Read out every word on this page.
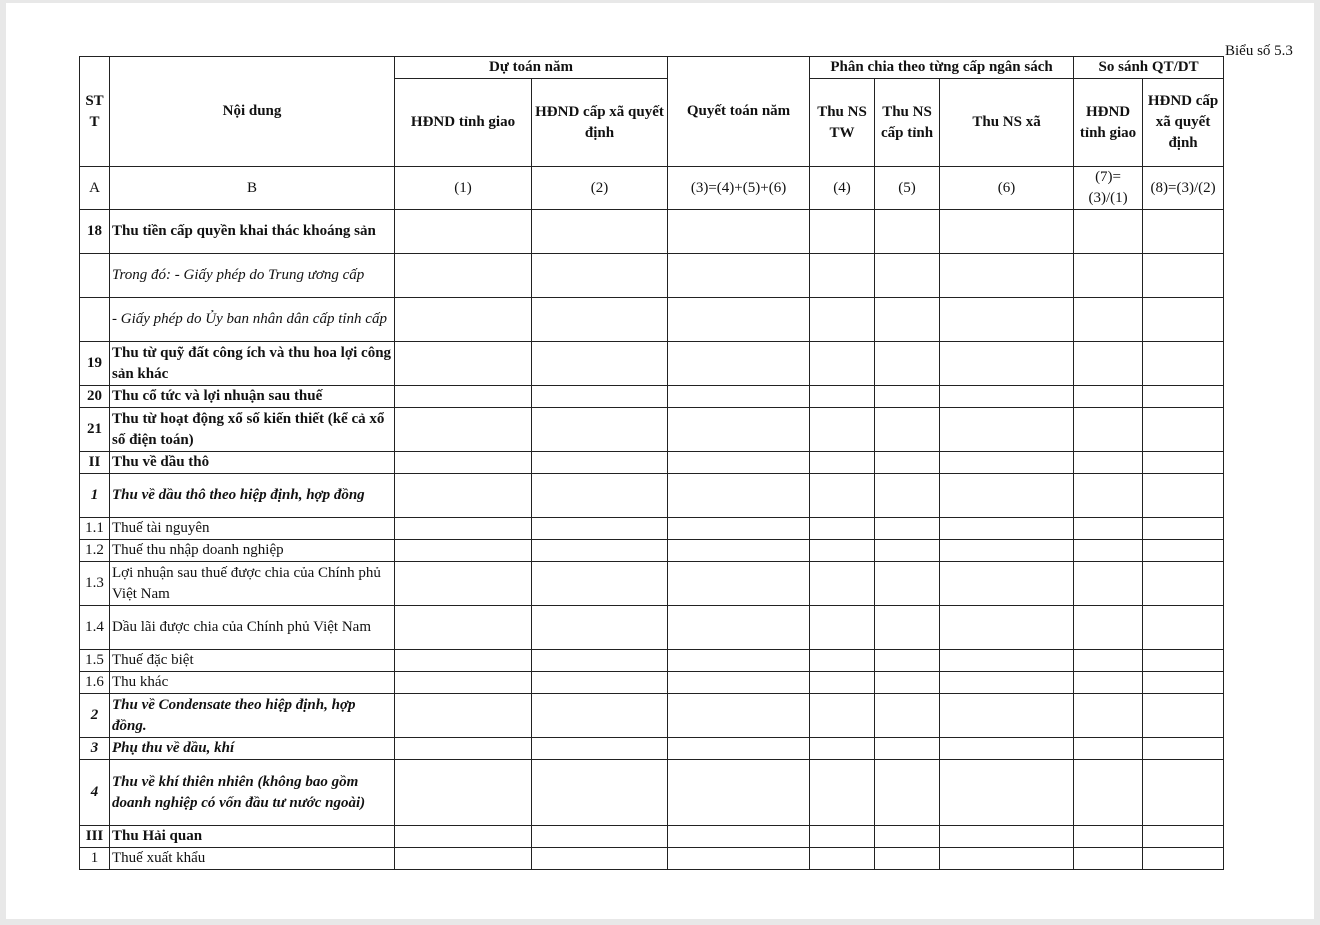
Biểu số 5.3
ST T	Nội dung	Dự toán năm		Quyết toán năm	Phân chia theo từng cấp ngân sách			So sánh QT/DT	
		HĐND tỉnh giao	HĐND cấp xã quyết định		Thu NS TW	Thu NS cấp tỉnh	Thu NS xã	HĐND tỉnh giao	HĐND cấp xã quyết định
A	B	(1)	(2)	(3)=(4)+(5)+(6)	(4)	(5)	(6)	(7)=(3)/(1)	(8)=(3)/(2)
18	Thu tiền cấp quyền khai thác khoáng sản								
	Trong đó: - Giấy phép do Trung ương cấp								
	- Giấy phép do Ủy ban nhân dân cấp tỉnh cấp								
19	Thu từ quỹ đất công ích và thu hoa lợi công sản khác								
20	Thu cổ tức và lợi nhuận sau thuế								
21	Thu từ hoạt động xổ số kiến thiết (kể cả xổ số điện toán)								
II	Thu về dầu thô								
1	Thu về dầu thô theo hiệp định, hợp đồng								
1.1	Thuế tài nguyên								
1.2	Thuế thu nhập doanh nghiệp								
1.3	Lợi nhuận sau thuế được chia của Chính phủ Việt Nam								
1.4	Dầu lãi được chia của Chính phủ Việt Nam								
1.5	Thuế đặc biệt								
1.6	Thu khác								
2	Thu về Condensate theo hiệp định, hợp đồng.								
3	Phụ thu về dầu, khí								
4	Thu về khí thiên nhiên (không bao gồm doanh nghiệp có vốn đầu tư nước ngoài)								
III	Thu Hải quan								
1	Thuế xuất khẩu								
